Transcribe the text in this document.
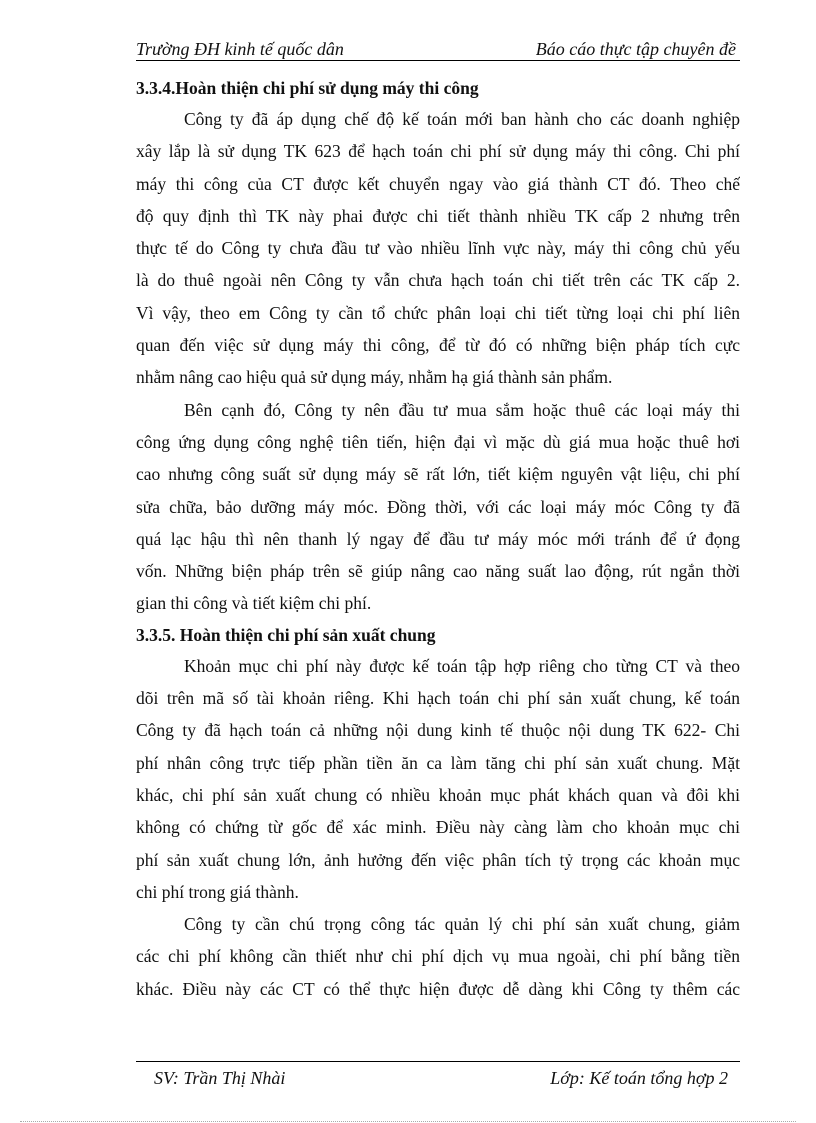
Trường ĐH kinh tế quốc dân	Báo cáo thực tập chuyên đề
3.3.4.Hoàn thiện chi phí sử dụng máy thi công
Công ty đã áp dụng chế độ kế toán mới ban hành cho các doanh nghiệp
xây lắp là sử dụng TK 623 để hạch toán chi phí sử dụng máy thi công. Chi phí
máy thi công của CT được kết chuyển ngay vào giá thành CT đó. Theo chế
độ quy định thì TK này phai được chi tiết thành nhiều TK cấp 2 nhưng trên
thực tế do Công ty chưa đầu tư vào nhiều lĩnh vực này, máy thi công chủ yếu
là do thuê ngoài nên Công ty vẫn chưa hạch toán chi tiết trên các TK cấp 2.
Vì vậy, theo em Công ty cần tổ chức phân loại chi tiết từng loại chi phí liên
quan đến việc sử dụng máy thi công, để từ đó có những biện pháp tích cực
nhằm nâng cao hiệu quả sử dụng máy, nhằm hạ giá thành sản phẩm.
Bên cạnh đó, Công ty nên đầu tư mua sắm hoặc thuê các loại máy thi
công ứng dụng công nghệ tiên tiến, hiện đại vì mặc dù giá mua hoặc thuê hơi
cao nhưng công suất sử dụng máy sẽ rất lớn, tiết kiệm nguyên vật liệu, chi phí
sửa chữa, bảo dưỡng máy móc. Đồng thời, với các loại máy móc Công ty đã
quá lạc hậu thì nên thanh lý ngay để đầu tư máy móc mới tránh để ứ đọng
vốn. Những biện pháp trên sẽ giúp nâng cao năng suất lao động, rút ngắn thời
gian thi công và tiết kiệm chi phí.
3.3.5. Hoàn thiện chi phí sản xuất chung
Khoản mục chi phí này được kế toán tập hợp riêng cho từng CT và theo
dõi trên mã số tài khoản riêng. Khi hạch toán chi phí sản xuất chung, kế toán
Công ty đã hạch toán cả những nội dung kinh tế thuộc nội dung TK 622- Chi
phí nhân công trực tiếp phần tiền ăn ca làm tăng chi phí sản xuất chung. Mặt
khác, chi phí sản xuất chung có nhiều khoản mục phát khách quan và đôi khi
không có chứng từ gốc để xác minh. Điều này càng làm cho khoản mục chi
phí sản xuất chung lớn, ảnh hưởng đến việc phân tích tỷ trọng các khoản mục
chi phí trong giá thành.
Công ty cần chú trọng công tác quản lý chi phí sản xuất chung, giảm
các chi phí không cần thiết như chi phí dịch vụ mua ngoài, chi phí bằng tiền
khác. Điều này các CT có thể thực hiện được dễ dàng khi Công ty thêm các
SV: Trần Thị Nhài	Lớp: Kế toán tổng hợp 2
